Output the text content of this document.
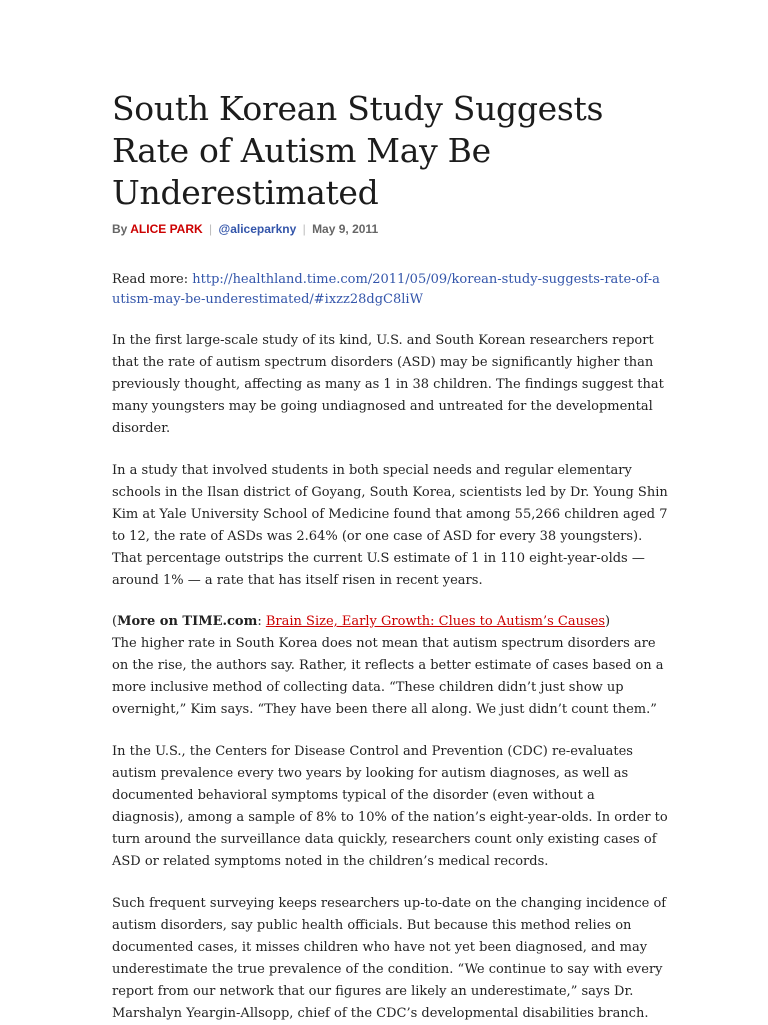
South Korean Study Suggests Rate of Autism May Be Underestimated
By ALICE PARK | @aliceparkny | May 9, 2011
Read more: http://healthland.time.com/2011/05/09/korean-study-suggests-rate-of-autism-may-be-underestimated/#ixzz28dgC8liW

In the first large-scale study of its kind, U.S. and South Korean researchers report that the rate of autism spectrum disorders (ASD) may be significantly higher than previously thought, affecting as many as 1 in 38 children. The findings suggest that many youngsters may be going undiagnosed and untreated for the developmental disorder.

In a study that involved students in both special needs and regular elementary schools in the Ilsan district of Goyang, South Korea, scientists led by Dr. Young Shin Kim at Yale University School of Medicine found that among 55,266 children aged 7 to 12, the rate of ASDs was 2.64% (or one case of ASD for every 38 youngsters). That percentage outstrips the current U.S estimate of 1 in 110 eight-year-olds — around 1% — a rate that has itself risen in recent years.

(More on TIME.com: Brain Size, Early Growth: Clues to Autism’s Causes)

The higher rate in South Korea does not mean that autism spectrum disorders are on the rise, the authors say. Rather, it reflects a better estimate of cases based on a more inclusive method of collecting data. “These children didn’t just show up overnight,” Kim says. “They have been there all along. We just didn’t count them.”

In the U.S., the Centers for Disease Control and Prevention (CDC) re-evaluates autism prevalence every two years by looking for autism diagnoses, as well as documented behavioral symptoms typical of the disorder (even without a diagnosis), among a sample of 8% to 10% of the nation’s eight-year-olds. In order to turn around the surveillance data quickly, researchers count only existing cases of ASD or related symptoms noted in the children’s medical records.

Such frequent surveying keeps researchers up-to-date on the changing incidence of autism disorders, say public health officials. But because this method relies on documented cases, it misses children who have not yet been diagnosed, and may underestimate the true prevalence of the condition. “We continue to say with every report from our network that our figures are likely an underestimate,” says Dr. Marshalyn Yeargin-Allsopp, chief of the CDC’s developmental disabilities branch.
